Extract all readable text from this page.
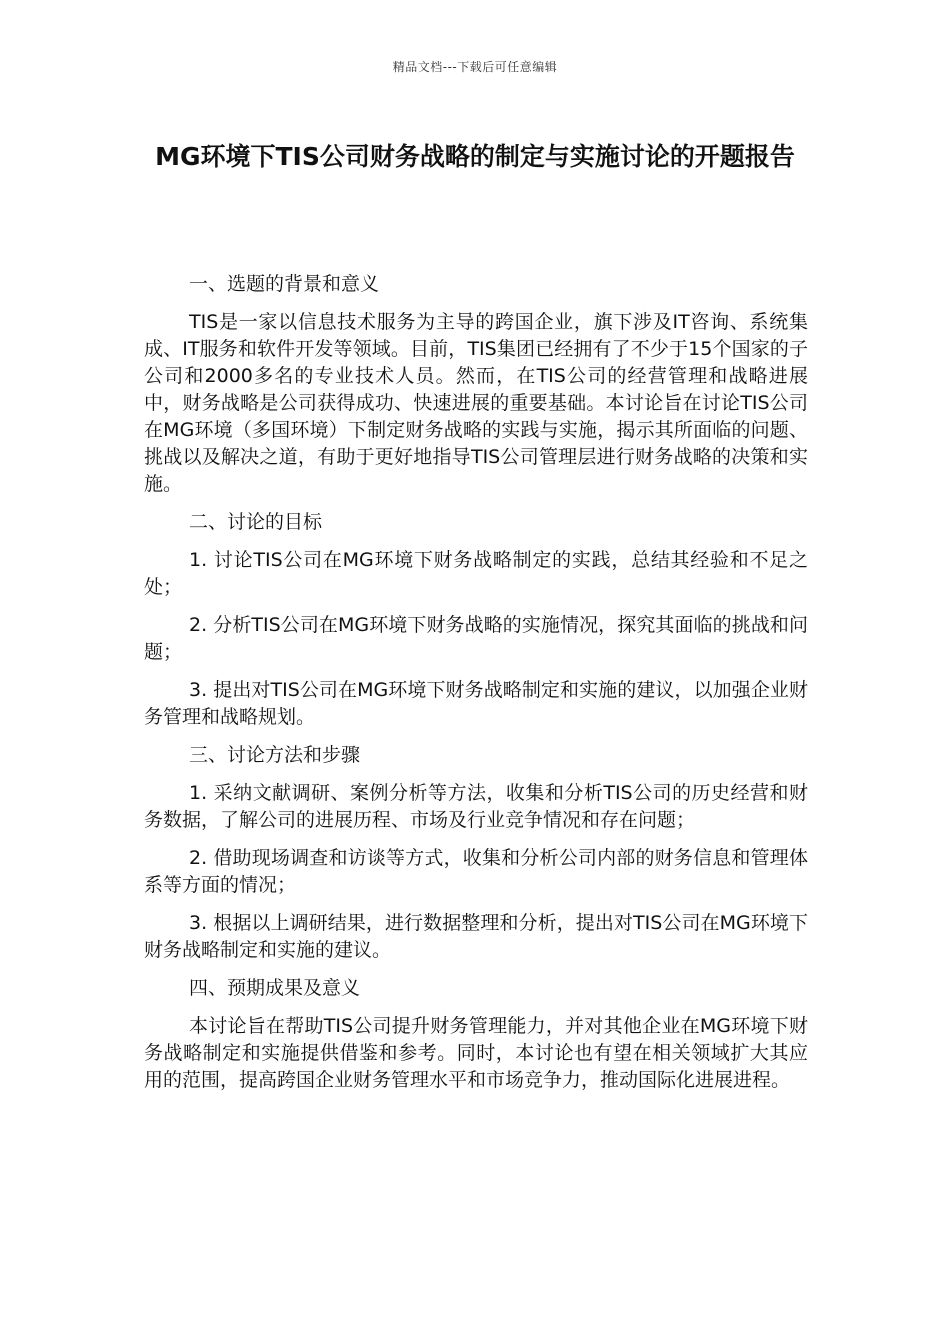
精品文档---下载后可任意编辑
MG环境下TIS公司财务战略的制定与实施讨论的开题报告

一、选题的背景和意义

TIS是一家以信息技术服务为主导的跨国企业，旗下涉及IT咨询、系统集成、IT服务和软件开发等领域。目前，TIS集团已经拥有了不少于15个国家的子公司和2000多名的专业技术人员。然而，在TIS公司的经营管理和战略进展中，财务战略是公司获得成功、快速进展的重要基础。本讨论旨在讨论TIS公司在MG环境（多国环境）下制定财务战略的实践与实施，揭示其所面临的问题、挑战以及解决之道，有助于更好地指导TIS公司管理层进行财务战略的决策和实施。

二、讨论的目标

1. 讨论TIS公司在MG环境下财务战略制定的实践，总结其经验和不足之处；

2. 分析TIS公司在MG环境下财务战略的实施情况，探究其面临的挑战和问题；

3. 提出对TIS公司在MG环境下财务战略制定和实施的建议，以加强企业财务管理和战略规划。

三、讨论方法和步骤

1. 采纳文献调研、案例分析等方法，收集和分析TIS公司的历史经营和财务数据，了解公司的进展历程、市场及行业竞争情况和存在问题；

2. 借助现场调查和访谈等方式，收集和分析公司内部的财务信息和管理体系等方面的情况；

3. 根据以上调研结果，进行数据整理和分析，提出对TIS公司在MG环境下财务战略制定和实施的建议。

四、预期成果及意义

本讨论旨在帮助TIS公司提升财务管理能力，并对其他企业在MG环境下财务战略制定和实施提供借鉴和参考。同时，本讨论也有望在相关领域扩大其应用的范围，提高跨国企业财务管理水平和市场竞争力，推动国际化进展进程。
